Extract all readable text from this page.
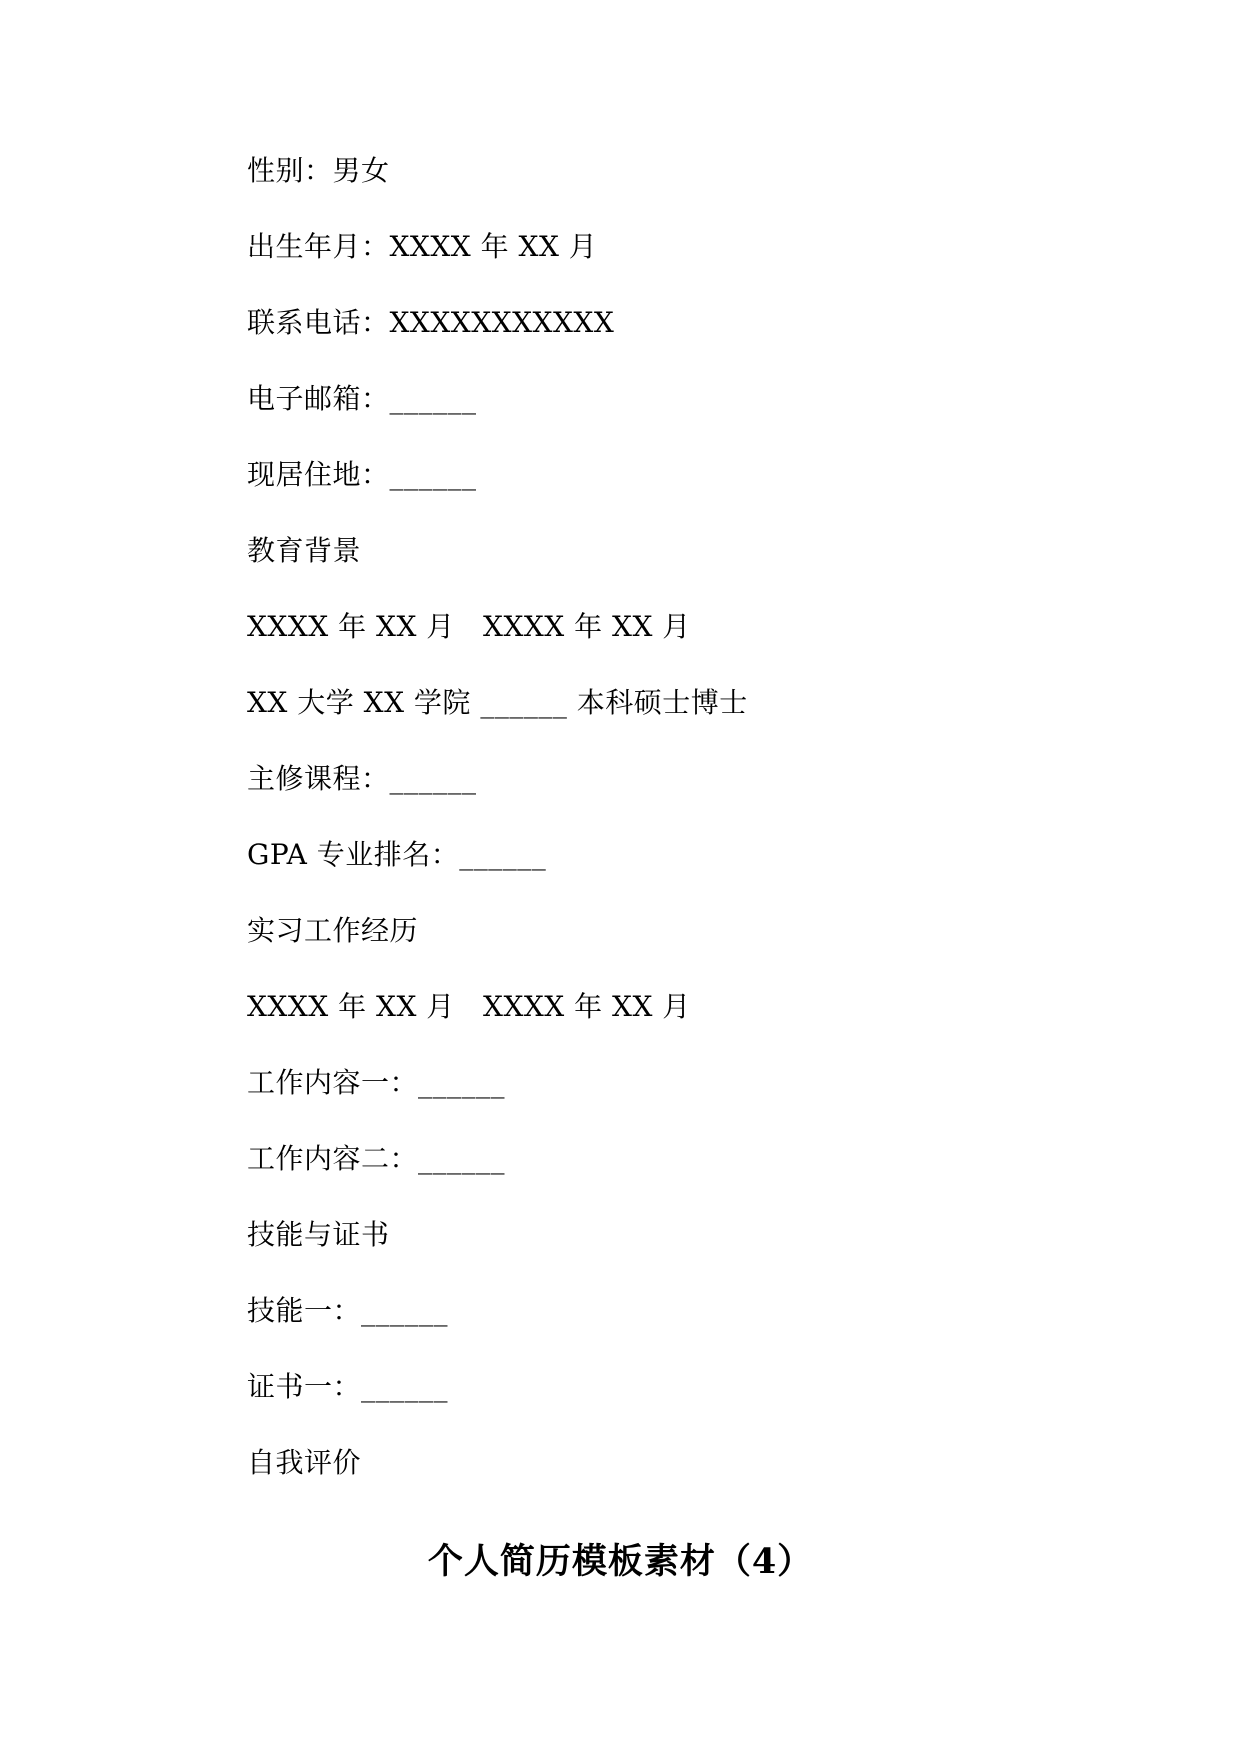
性别：男女
出生年月：XXXX 年 XX 月
联系电话：XXXXXXXXXXX
电子邮箱：______
现居住地：______
教育背景
XXXX 年 XX 月   XXXX 年 XX 月
XX 大学 XX 学院 ______ 本科硕士博士
主修课程：______
GPA 专业排名：______
实习工作经历
XXXX 年 XX 月   XXXX 年 XX 月
工作内容一：______
工作内容二：______
技能与证书
技能一：______
证书一：______
自我评价
个人简历模板素材（4）
